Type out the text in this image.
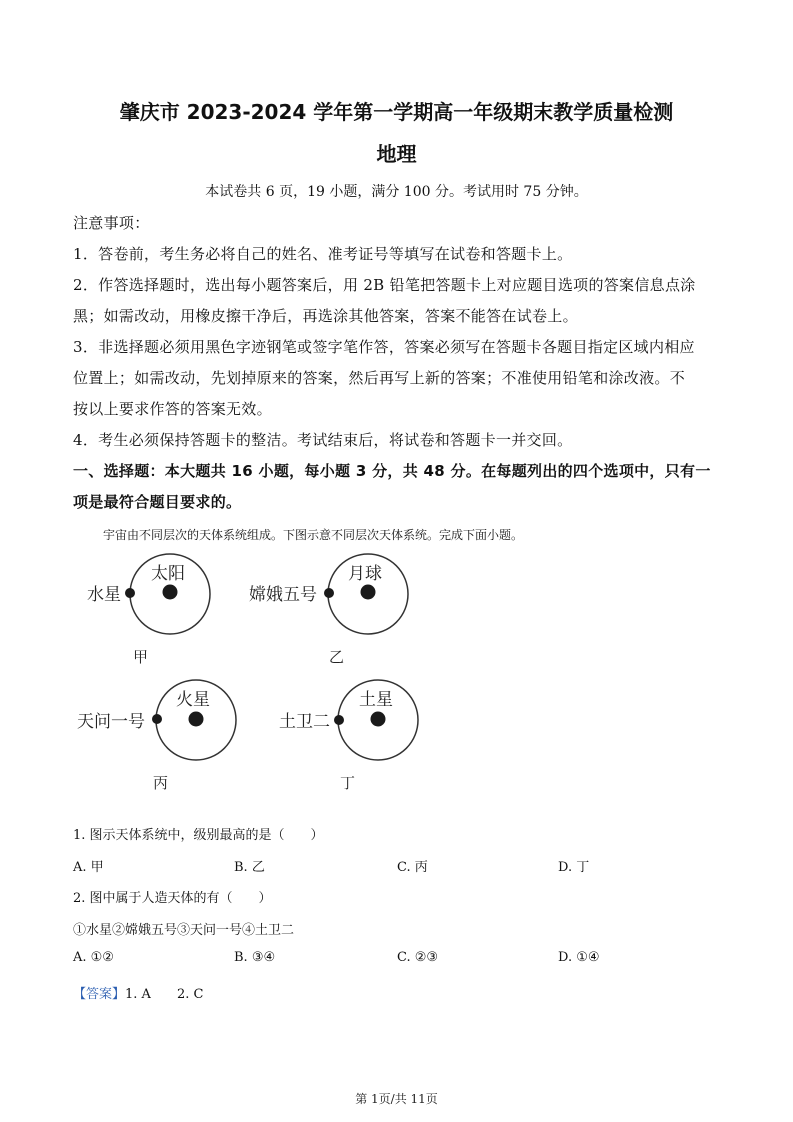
肇庆市 2023-2024 学年第一学期高一年级期末教学质量检测
地理
本试卷共 6 页，19 小题，满分 100 分。考试用时 75 分钟。
注意事项：
1．答卷前，考生务必将自己的姓名、准考证号等填写在试卷和答题卡上。
2．作答选择题时，选出每小题答案后，用 2B 铅笔把答题卡上对应题目选项的答案信息点涂
黑；如需改动，用橡皮擦干净后，再选涂其他答案，答案不能答在试卷上。
3．非选择题必须用黑色字迹钢笔或签字笔作答，答案必须写在答题卡各题目指定区域内相应
位置上；如需改动，先划掉原来的答案，然后再写上新的答案；不准使用铅笔和涂改液。不
按以上要求作答的答案无效。
4．考生必须保持答题卡的整洁。考试结束后，将试卷和答题卡一并交回。
一、选择题：本大题共 16 小题，每小题 3 分，共 48 分。在每题列出的四个选项中，只有一
项是最符合题目要求的。
宇宙由不同层次的天体系统组成。下图示意不同层次天体系统。完成下面小题。
太阳
水星
甲
月球
嫦娥五号
乙
火星
天问一号
丙
土星
土卫二
丁
1. 图示天体系统中，级别最高的是（　　）
A. 甲	B. 乙	C. 丙	D. 丁
2. 图中属于人造天体的有（　　）
①水星②嫦娥五号③天问一号④土卫二
A. ①②	B. ③④	C. ②③	D. ①④
【答案】1. A　　2. C
第 1页/共 11页
